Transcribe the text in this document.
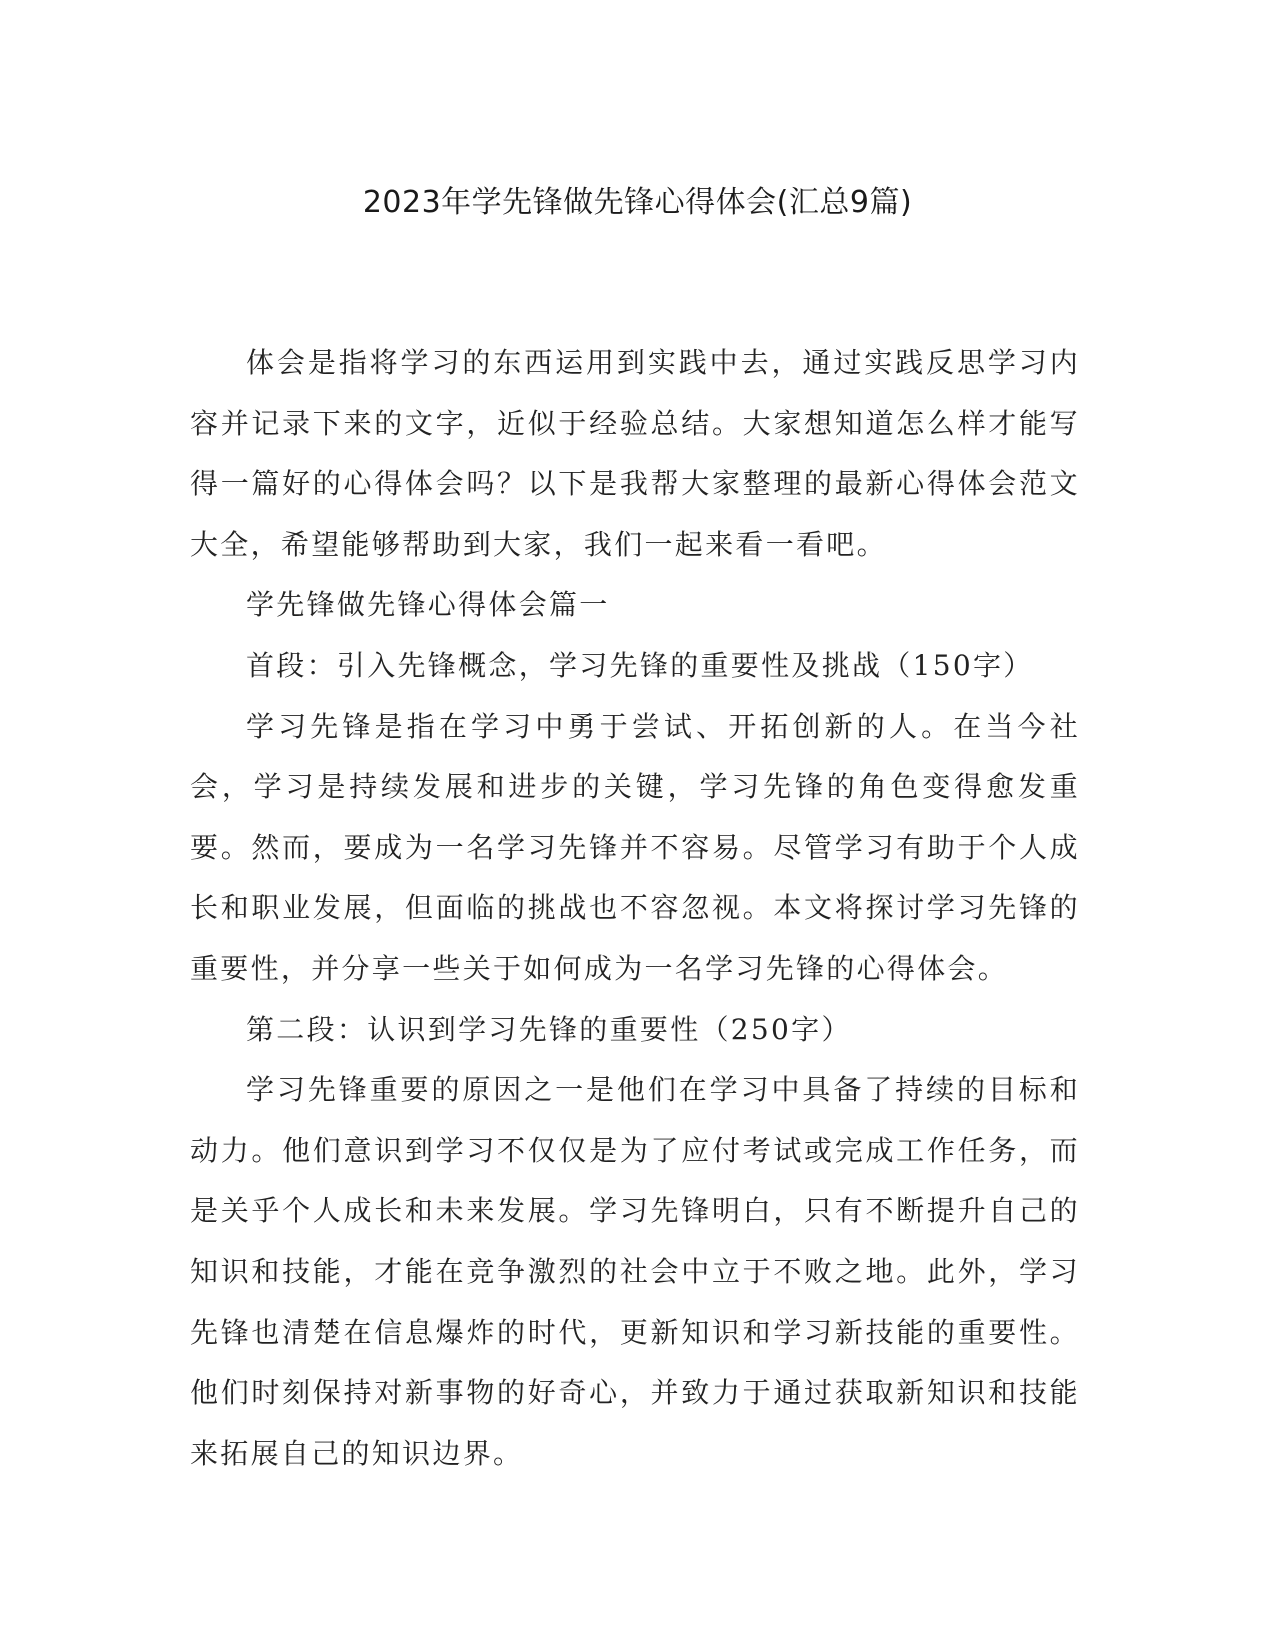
2023年学先锋做先锋心得体会(汇总9篇)

体会是指将学习的东西运用到实践中去，通过实践反思学习内容并记录下来的文字，近似于经验总结。大家想知道怎么样才能写得一篇好的心得体会吗？以下是我帮大家整理的最新心得体会范文大全，希望能够帮助到大家，我们一起来看一看吧。

学先锋做先锋心得体会篇一

首段：引入先锋概念，学习先锋的重要性及挑战（150字）

学习先锋是指在学习中勇于尝试、开拓创新的人。在当今社会，学习是持续发展和进步的关键，学习先锋的角色变得愈发重要。然而，要成为一名学习先锋并不容易。尽管学习有助于个人成长和职业发展，但面临的挑战也不容忽视。本文将探讨学习先锋的重要性，并分享一些关于如何成为一名学习先锋的心得体会。

第二段：认识到学习先锋的重要性（250字）

学习先锋重要的原因之一是他们在学习中具备了持续的目标和动力。他们意识到学习不仅仅是为了应付考试或完成工作任务，而是关乎个人成长和未来发展。学习先锋明白，只有不断提升自己的知识和技能，才能在竞争激烈的社会中立于不败之地。此外，学习先锋也清楚在信息爆炸的时代，更新知识和学习新技能的重要性。他们时刻保持对新事物的好奇心，并致力于通过获取新知识和技能来拓展自己的知识边界。
